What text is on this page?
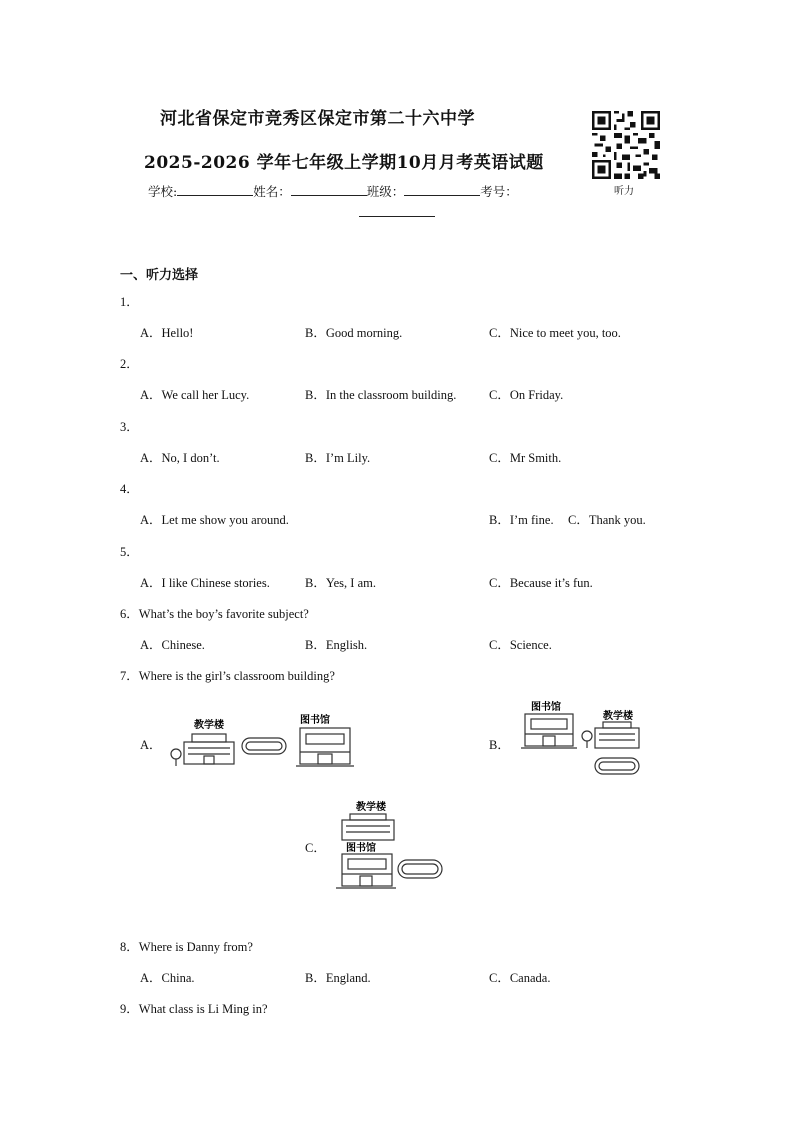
河北省保定市竞秀区保定市第二十六中学
2025-2026 学年七年级上学期10月月考英语试题
学校:	姓名：	班级：	考号：	听力
一、听力选择
1．
A．Hello!	B．Good morning.	C．Nice to meet you, too.
2．
A．We call her Lucy.	B．In the classroom building.	C．On Friday.
3．
A．No, I don’t.	B．I’m Lily.	C．Mr Smith.
4．
A．Let me show you around.	B．I’m fine. C．Thank you.
5．
A．I like Chinese stories.	B．Yes, I am.	C．Because it’s fun.
6．What’s the boy’s favorite subject?
A．Chinese.	B．English.	C．Science.
7．Where is the girl’s classroom building?
A．
教学楼	图书馆
B．
图书馆
教学楼
C．
教学楼
图书馆
8．Where is Danny from?
A．China.	B．England.	C．Canada.
9．What class is Li Ming in?
